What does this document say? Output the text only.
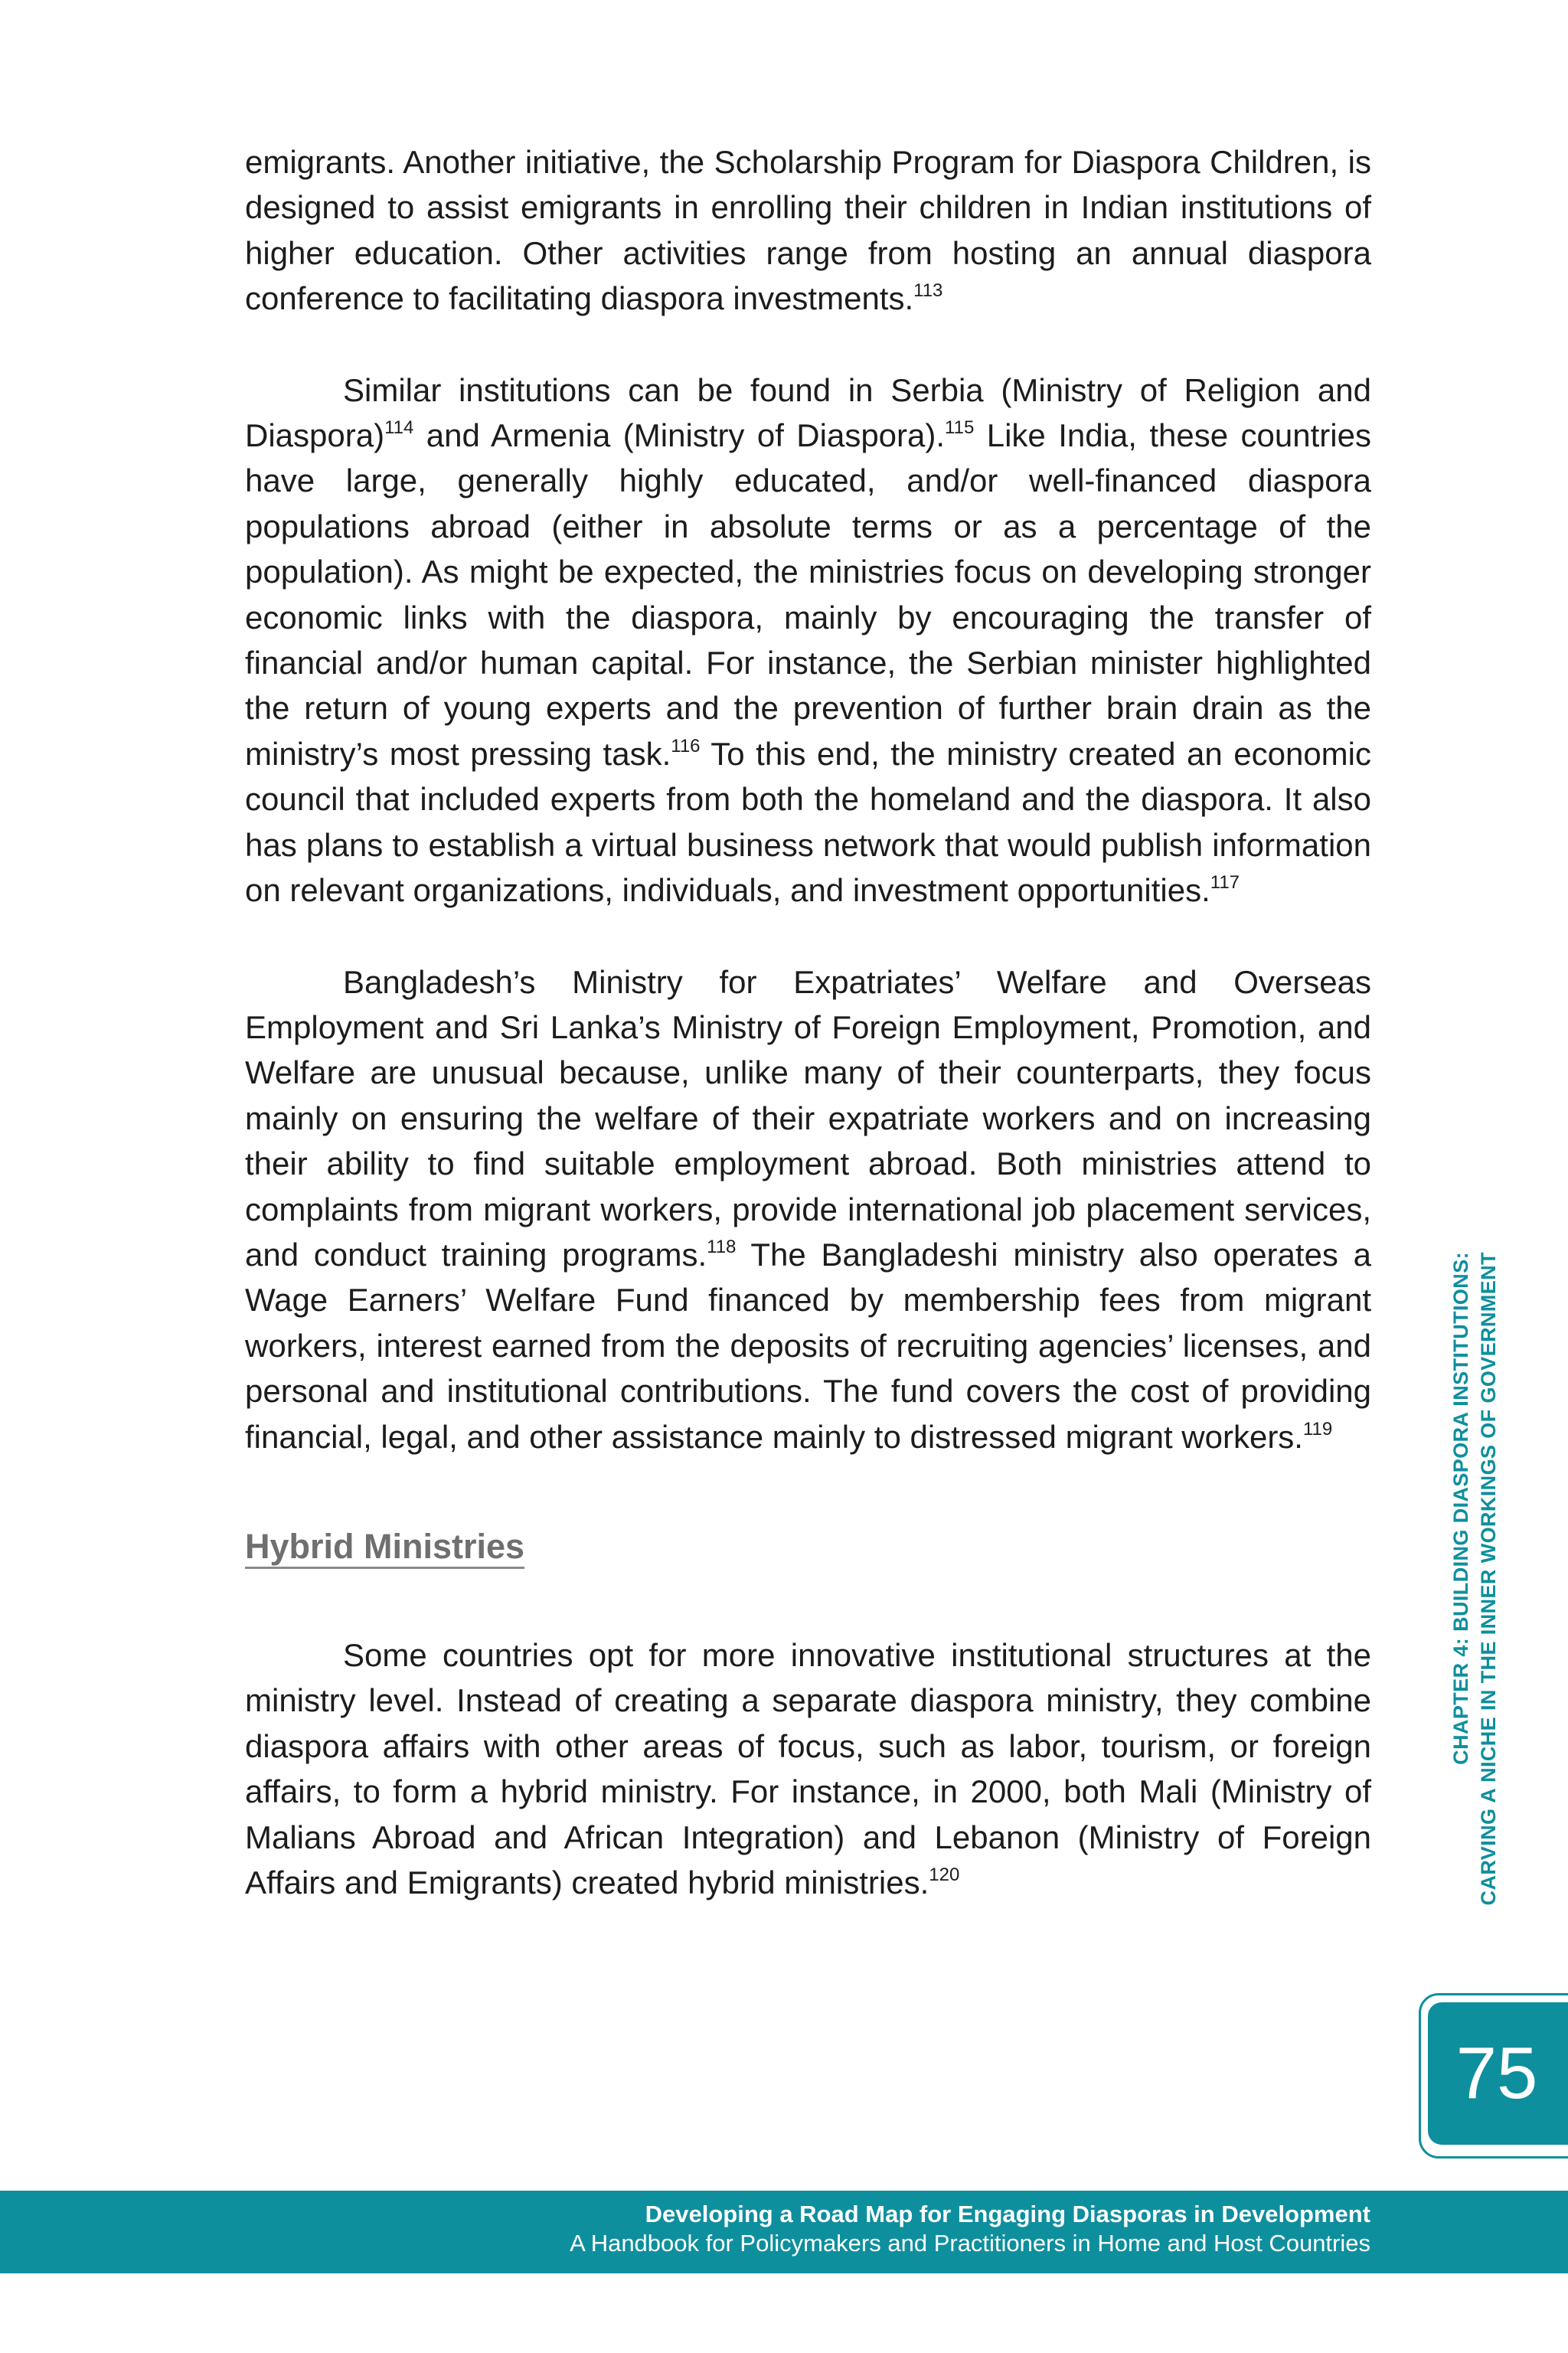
emigrants. Another initiative, the Scholarship Program for Diaspora Children, is designed to assist emigrants in enrolling their children in Indian institutions of higher education. Other activities range from hosting an annual diaspora conference to facilitating diaspora investments.$^{113}$

Similar institutions can be found in Serbia (Ministry of Religion and Diaspora)$^{114}$ and Armenia (Ministry of Diaspora).$^{115}$ Like India, these countries have large, generally highly educated, and/or well-financed diaspora populations abroad (either in absolute terms or as a percentage of the population). As might be expected, the ministries focus on developing stronger economic links with the diaspora, mainly by encouraging the transfer of financial and/or human capital. For instance, the Serbian minister highlighted the return of young experts and the prevention of further brain drain as the ministry’s most pressing task.$^{116}$ To this end, the ministry created an economic council that included experts from both the homeland and the diaspora. It also has plans to establish a virtual business network that would publish information on relevant organizations, individuals, and investment opportunities.$^{117}$

Bangladesh’s Ministry for Expatriates’ Welfare and Overseas Employment and Sri Lanka’s Ministry of Foreign Employment, Promotion, and Welfare are unusual because, unlike many of their counterparts, they focus mainly on ensuring the welfare of their expatriate workers and on increasing their ability to find suitable employment abroad. Both ministries attend to complaints from migrant workers, provide international job placement services, and conduct training programs.$^{118}$ The Bangladeshi ministry also operates a Wage Earners’ Welfare Fund financed by membership fees from migrant workers, interest earned from the deposits of recruiting agencies’ licenses, and personal and institutional contributions. The fund covers the cost of providing financial, legal, and other assistance mainly to distressed migrant workers.$^{119}$

Hybrid Ministries

Some countries opt for more innovative institutional structures at the ministry level. Instead of creating a separate diaspora ministry, they combine diaspora affairs with other areas of focus, such as labor, tourism, or foreign affairs, to form a hybrid ministry. For instance, in 2000, both Mali (Ministry of Malians Abroad and African Integration) and Lebanon (Ministry of Foreign Affairs and Emigrants) created hybrid ministries.$^{120}$

CHAPTER 4: BUILDING DIASPORA INSTITUTIONS: CARVING A NICHE IN THE INNER WORKINGS OF GOVERNMENT
75
Developing a Road Map for Engaging Diasporas in Development
A Handbook for Policymakers and Practitioners in Home and Host Countries
